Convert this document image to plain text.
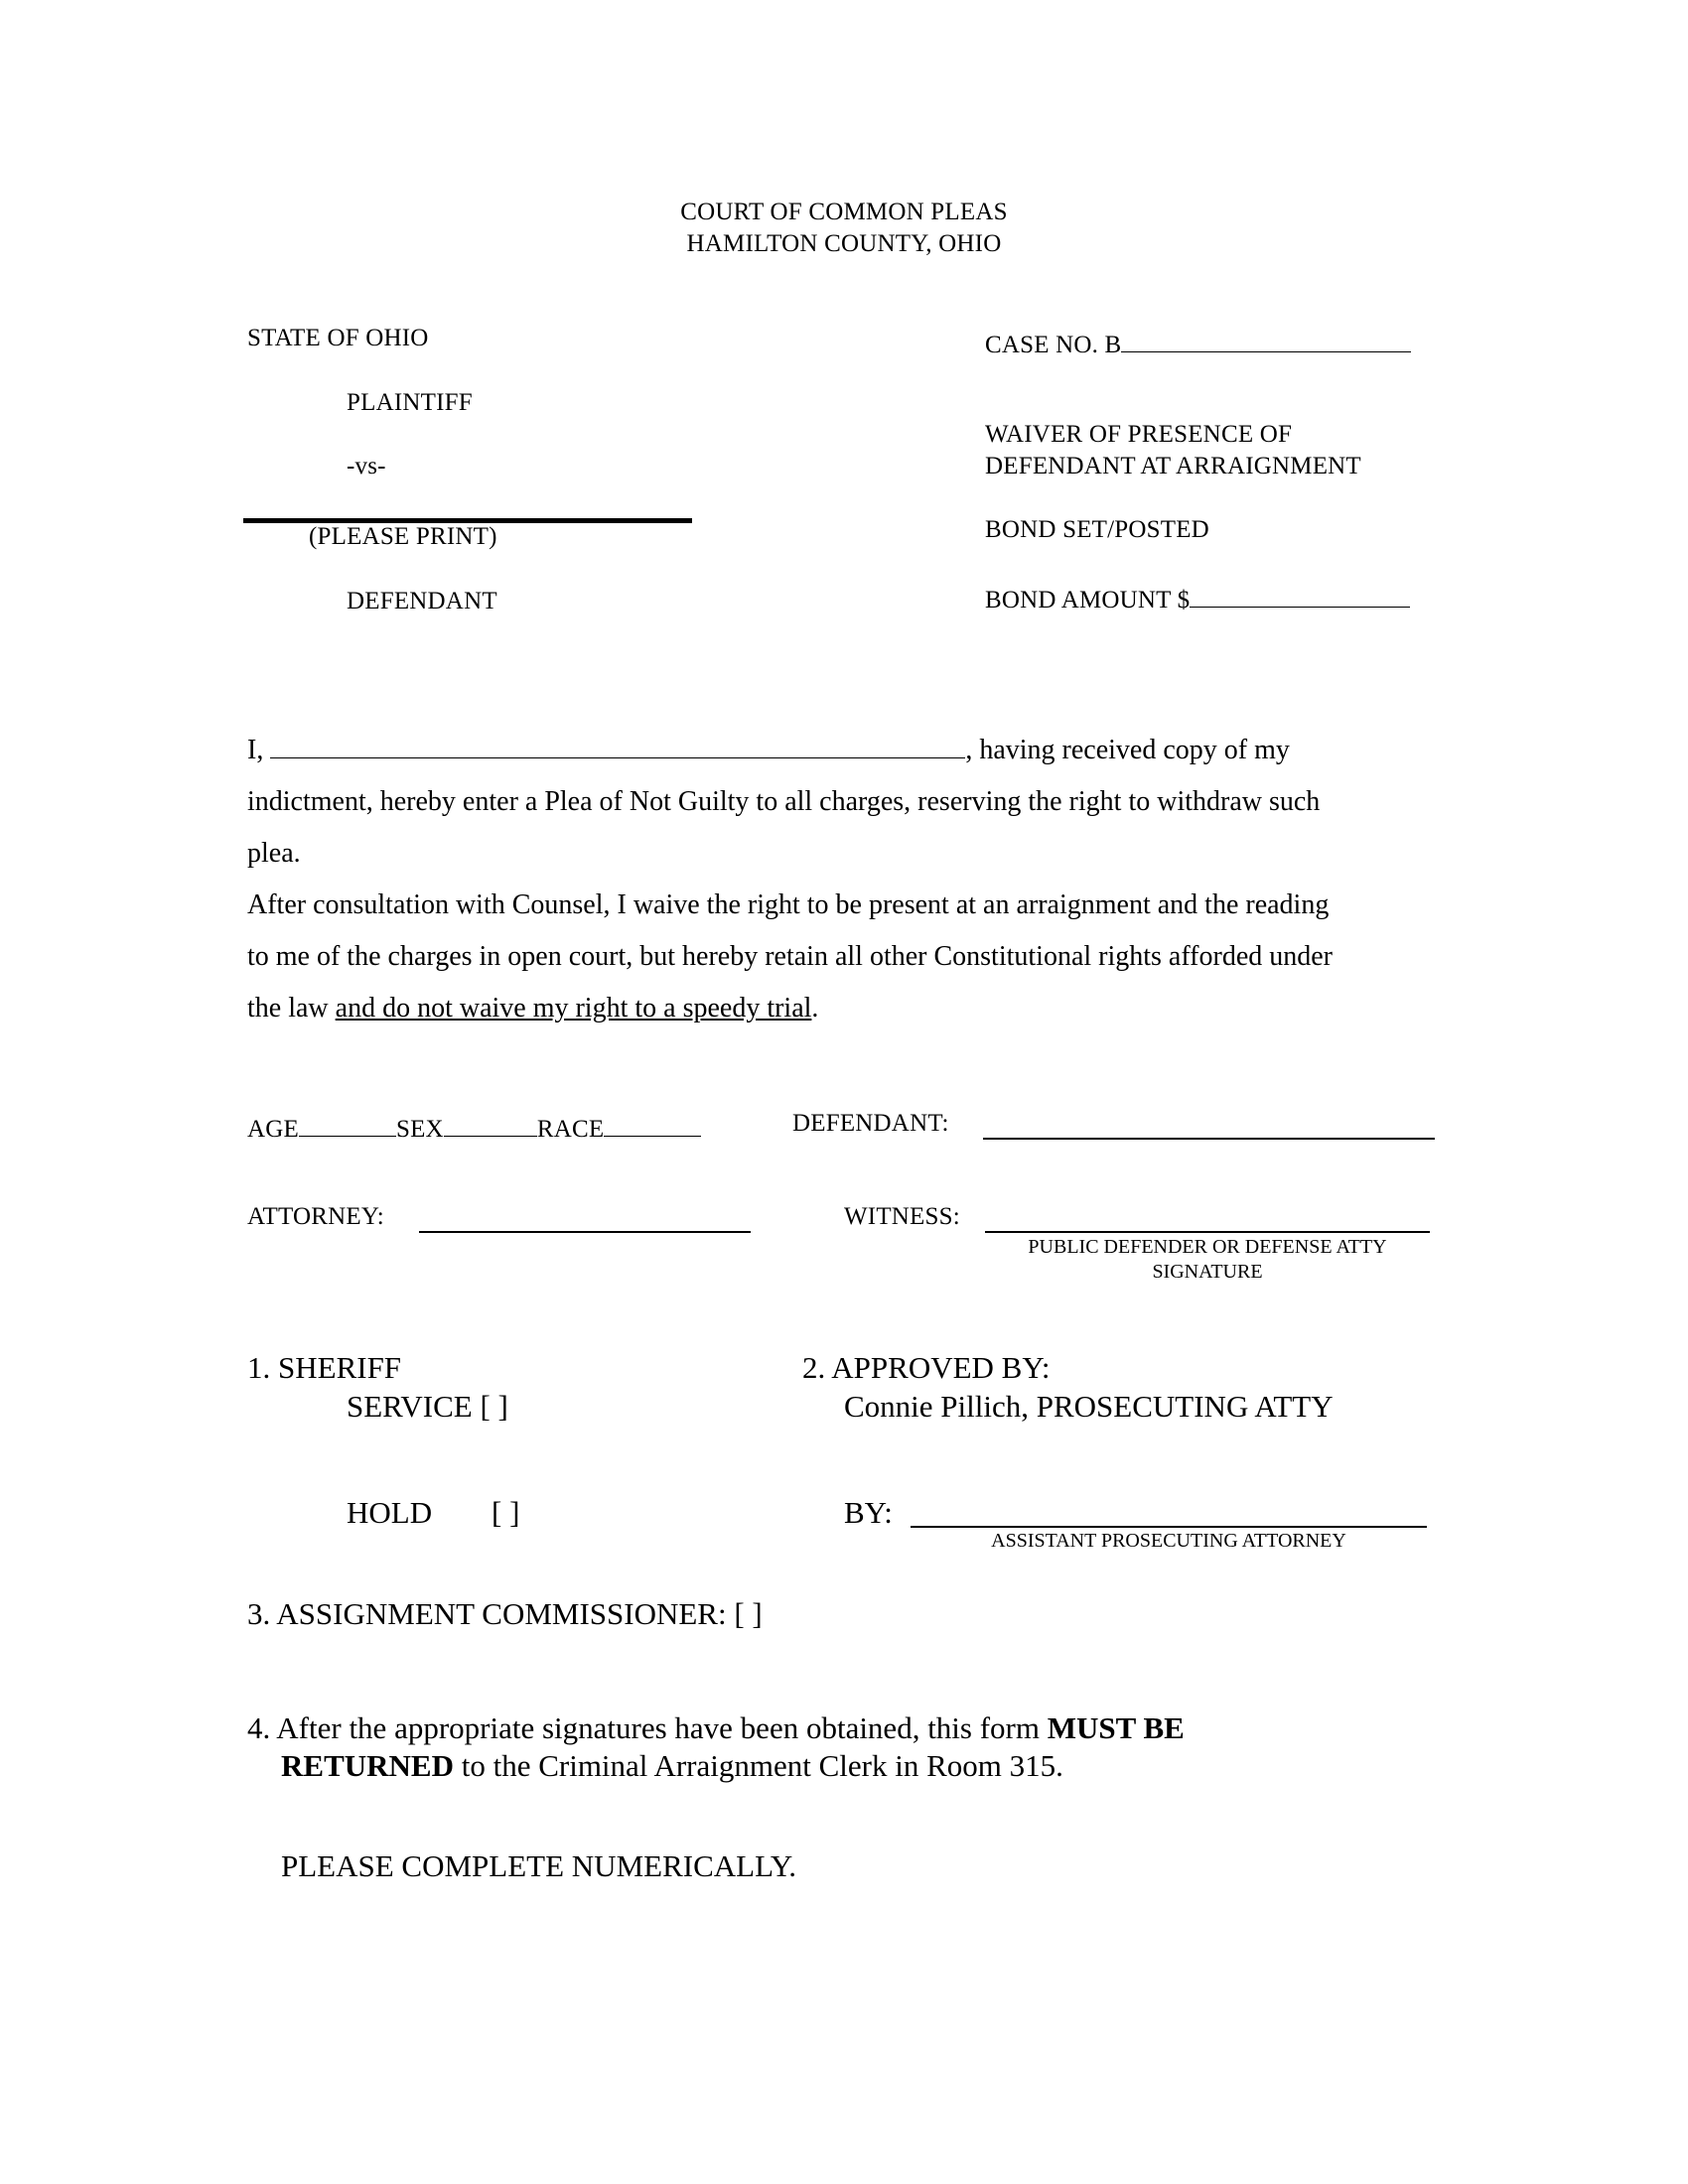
COURT OF COMMON PLEAS
HAMILTON COUNTY, OHIO
STATE OF OHIO
PLAINTIFF
-vs-
(PLEASE PRINT)
DEFENDANT
CASE NO. B
WAIVER OF PRESENCE OF
DEFENDANT AT ARRAIGNMENT
BOND SET/POSTED
BOND AMOUNT $

I,	, having received copy of my

indictment, hereby enter a Plea of Not Guilty to all charges, reserving the right to withdraw such

plea.

After consultation with Counsel, I waive the right to be present at an arraignment and the reading

to me of the charges in open court, but hereby retain all other Constitutional rights afforded under

the law and do not waive my right to a speedy trial.

AGE	SEX	RACE	DEFENDANT:
ATTORNEY:	WITNESS:
PUBLIC DEFENDER OR DEFENSE ATTY
SIGNATURE
1. SHERIFF
SERVICE [ ]
HOLD [ ]
2. APPROVED BY:
Connie Pillich, PROSECUTING ATTY
BY:
ASSISTANT PROSECUTING ATTORNEY
3. ASSIGNMENT COMMISSIONER: [ ]
4. After the appropriate signatures have been obtained, this form MUST BE
RETURNED to the Criminal Arraignment Clerk in Room 315.
PLEASE COMPLETE NUMERICALLY.
